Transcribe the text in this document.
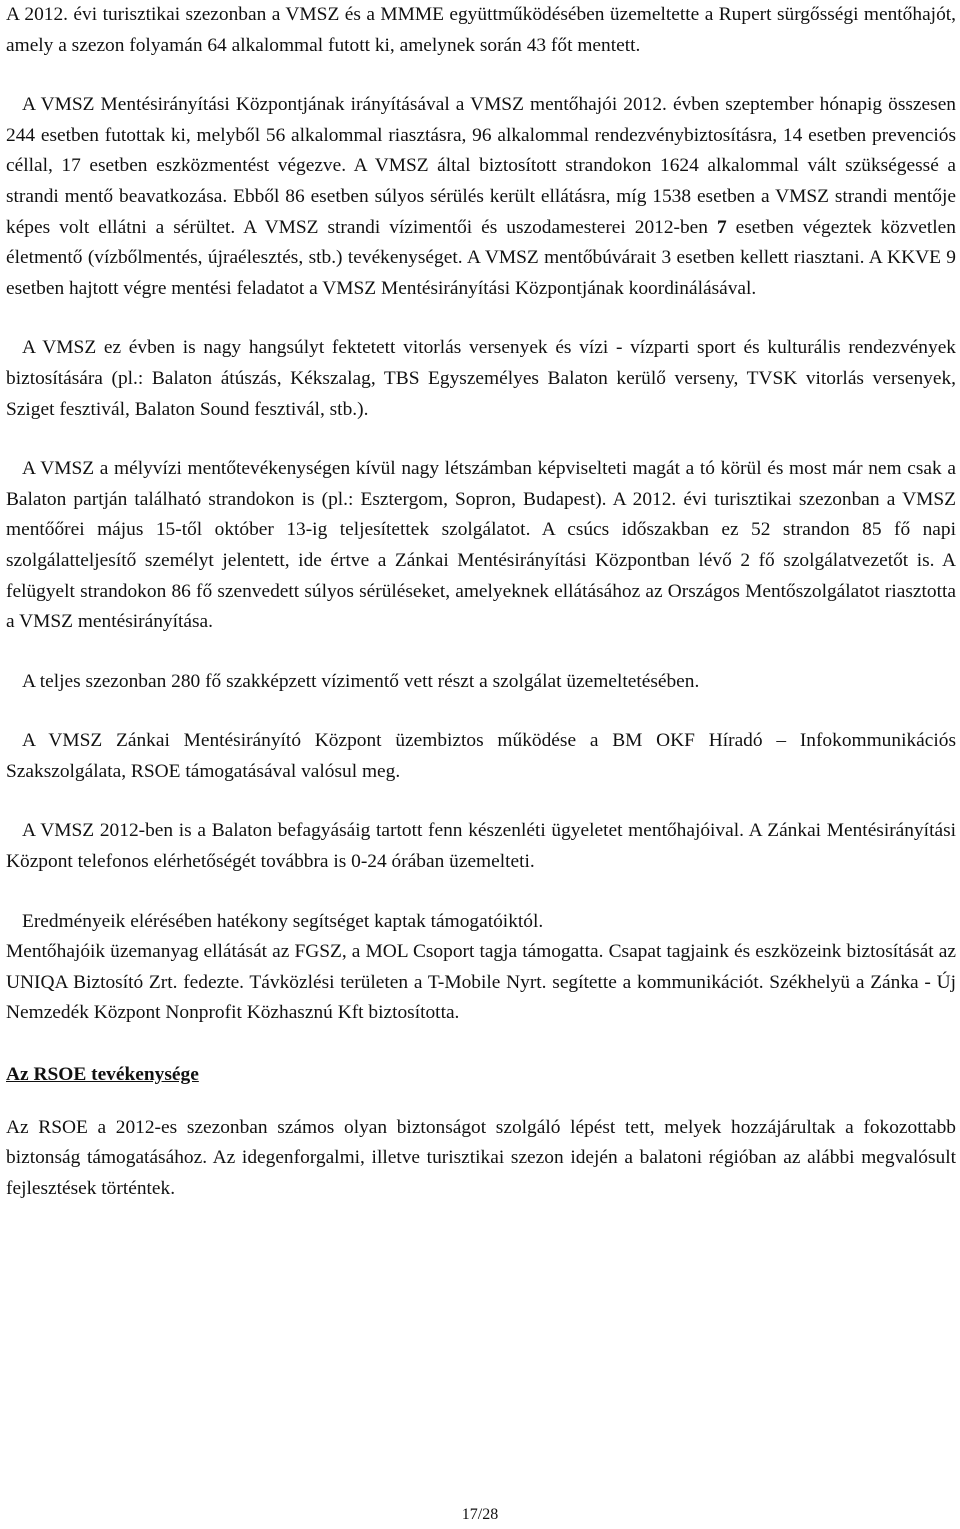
A 2012. évi turisztikai szezonban a VMSZ és a MMME együttműködésében üzemeltette a Rupert sürgősségi mentőhajót, amely a szezon folyamán 64 alkalommal futott ki, amelynek során 43 főt mentett.

A VMSZ Mentésirányítási Központjának irányításával a VMSZ mentőhajói 2012. évben szeptember hónapig összesen 244 esetben futottak ki, melyből 56 alkalommal riasztásra, 96 alkalommal rendezvénybiztosításra, 14 esetben prevenciós céllal, 17 esetben eszközmentést végezve. A VMSZ által biztosított strandokon 1624 alkalommal vált szükségessé a strandi mentő beavatkozása. Ebből 86 esetben súlyos sérülés került ellátásra, míg 1538 esetben a VMSZ strandi mentője képes volt ellátni a sérültet. A VMSZ strandi vízimentői és uszodamesterei 2012-ben 7 esetben végeztek közvetlen életmentő (vízbőlmentés, újraélesztés, stb.) tevékenységet. A VMSZ mentőbúvárait 3 esetben kellett riasztani. A KKVE 9 esetben hajtott végre mentési feladatot a VMSZ Mentésirányítási Központjának koordinálásával.

A VMSZ ez évben is nagy hangsúlyt fektetett vitorlás versenyek és vízi - vízparti sport és kulturális rendezvények biztosítására (pl.: Balaton átúszás, Kékszalag, TBS Egyszemélyes Balaton kerülő verseny, TVSK vitorlás versenyek, Sziget fesztivál, Balaton Sound fesztivál, stb.).

A VMSZ a mélyvízi mentőtevékenységen kívül nagy létszámban képviselteti magát a tó körül és most már nem csak a Balaton partján található strandokon is (pl.: Esztergom, Sopron, Budapest). A 2012. évi turisztikai szezonban a VMSZ mentőőrei május 15-től október 13-ig teljesítettek szolgálatot. A csúcs időszakban ez 52 strandon 85 fő napi szolgálatteljesítő személyt jelentett, ide értve a Zánkai Mentésirányítási Központban lévő 2 fő szolgálatvezetőt is. A felügyelt strandokon 86 fő szenvedett súlyos sérüléseket, amelyeknek ellátásához az Országos Mentőszolgálatot riasztotta a VMSZ mentésirányítása.

A teljes szezonban 280 fő szakképzett vízimentő vett részt a szolgálat üzemeltetésében.

A VMSZ Zánkai Mentésirányító Központ üzembiztos működése a BM OKF Híradó – Infokommunikációs Szakszolgálata, RSOE támogatásával valósul meg.

A VMSZ 2012-ben is a Balaton befagyásáig tartott fenn készenléti ügyeletet mentőhajóival. A Zánkai Mentésirányítási Központ telefonos elérhetőségét továbbra is 0-24 órában üzemelteti.

Eredményeik elérésében hatékony segítséget kaptak támogatóiktól.

Mentőhajóik üzemanyag ellátását az FGSZ, a MOL Csoport tagja támogatta. Csapat tagjaink és eszközeink biztosítását az UNIQA Biztosító Zrt. fedezte. Távközlési területen a T-Mobile Nyrt. segítette a kommunikációt. Székhelyü a Zánka - Új Nemzedék Központ Nonprofit Közhasznú Kft biztosította.

Az RSOE tevékenysége

Az RSOE a 2012-es szezonban számos olyan biztonságot szolgáló lépést tett, melyek hozzájárultak a fokozottabb biztonság támogatásához. Az idegenforgalmi, illetve turisztikai szezon idején a balatoni régióban az alábbi megvalósult fejlesztések történtek.

17/28
